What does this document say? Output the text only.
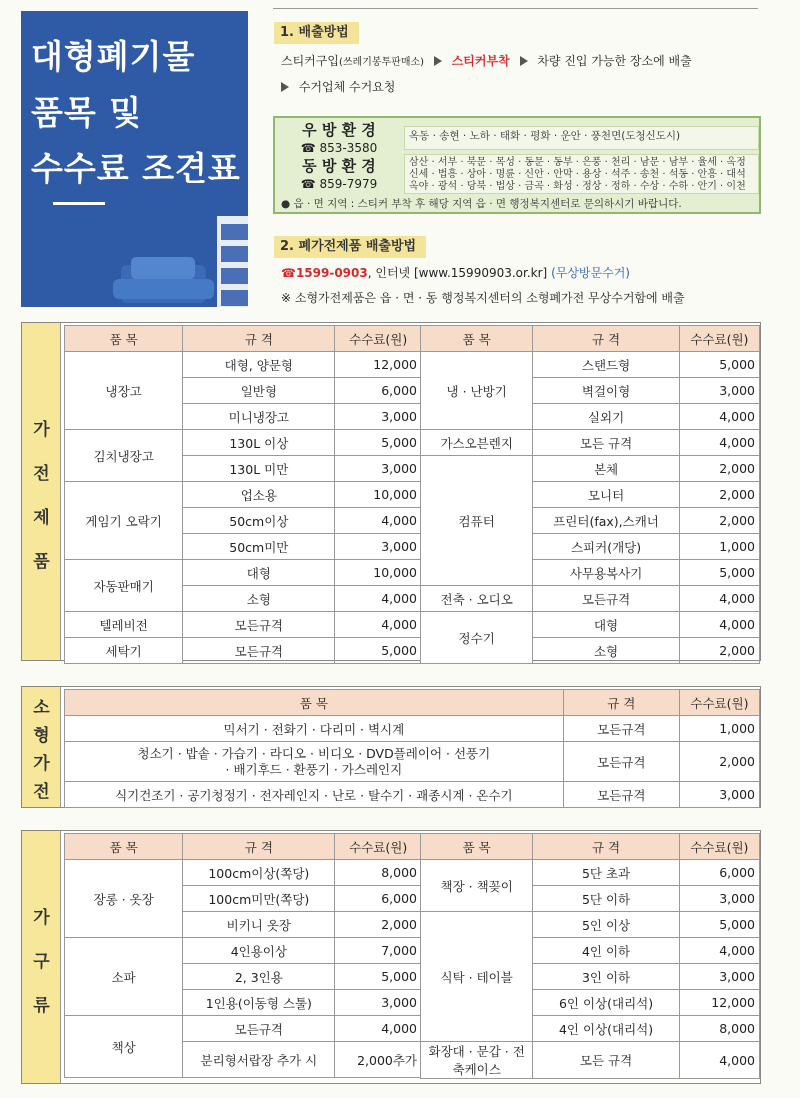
대형폐기물
품목 및
수수료 조견표
1. 배출방법
스티커구입(쓰레기봉투판매소) 스티커부착 차량 진입 가능한 장소에 배출
수거업체 수거요청
우 방 환 경
☎ 853-3580
옥동 · 송현 · 노하 · 태화 · 평화 · 운안 · 풍천면(도청신도시)
동 방 환 경
☎ 859-7979
삼산 · 서부 · 북문 · 목성 · 동문 · 동부 · 은풍 · 천리 · 남문 · 남부 · 율세 · 옥정 신세 · 법흥 · 상아 · 명륜 · 신안 · 안막 · 용상 · 석주 · 송천 · 석동 · 안흥 · 대석 옥야 · 광석 · 당북 · 법상 · 금곡 · 화성 · 정상 · 정하 · 수상 · 수하 · 안기 · 이천
● 읍 · 면 지역 : 스티커 부착 후 해당 지역 읍 · 면 행정복지센터로 문의하시기 바랍니다.
2. 폐가전제품 배출방법
☎1599-0903, 인터넷 [www.15990903.or.kr] (무상방문수거)
※ 소형가전제품은 읍 · 면 · 동 행정복지센터의 소형폐가전 무상수거함에 배출
가
전
제
품
품 목	규 격	수수료(원)
냉장고	대형, 양문형	12,000
	일반형	6,000
	미니냉장고	3,000
김치냉장고	130L 이상	5,000
	130L 미만	3,000
게임기 오락기	업소용	10,000
	50cm이상	4,000
	50cm미만	3,000
자동판매기	대형	10,000
	소형	4,000
텔레비전	모든규격	4,000
세탁기	모든규격	5,000
품 목	규 격	수수료(원)
냉 · 난방기	스탠드형	5,000
	벽걸이형	3,000
	실외기	4,000
가스오븐렌지	모든 규격	4,000
컴퓨터	본체	2,000
	모니터	2,000
	프린터(fax),스캐너	2,000
	스피커(개당)	1,000
	사무용복사기	5,000
전축 · 오디오	모든규격	4,000
정수기	대형	4,000
	소형	2,000
소
형
가
전
품 목	규 격	수수료(원)
믹서기 · 전화기 · 다리미 · 벽시계	모든규격	1,000
청소기 · 밥솥 · 가습기 · 라디오 · 비디오 · DVD플레이어 · 선풍기 · 배기후드 · 환풍기 · 가스레인지	모든규격	2,000
식기건조기 · 공기청정기 · 전자레인지 · 난로 · 탈수기 · 괘종시계 · 온수기	모든규격	3,000
가
구
류
품 목	규 격	수수료(원)
장롱 · 옷장	100cm이상(쪽당)	8,000
	100cm미만(쪽당)	6,000
	비키니 옷장	2,000
소파	4인용이상	7,000
	2, 3인용	5,000
	1인용(이동형 스툴)	3,000
책상	모든규격	4,000
	분리형서랍장 추가 시	2,000추가
품 목	규 격	수수료(원)
책장 · 책꽂이	5단 초과	6,000
	5단 이하	3,000
식탁 · 테이블	5인 이상	5,000
	4인 이하	4,000
	3인 이하	3,000
	6인 이상(대리석)	12,000
	4인 이상(대리석)	8,000
화장대 · 문갑 · 전축케이스	모든 규격	4,000
